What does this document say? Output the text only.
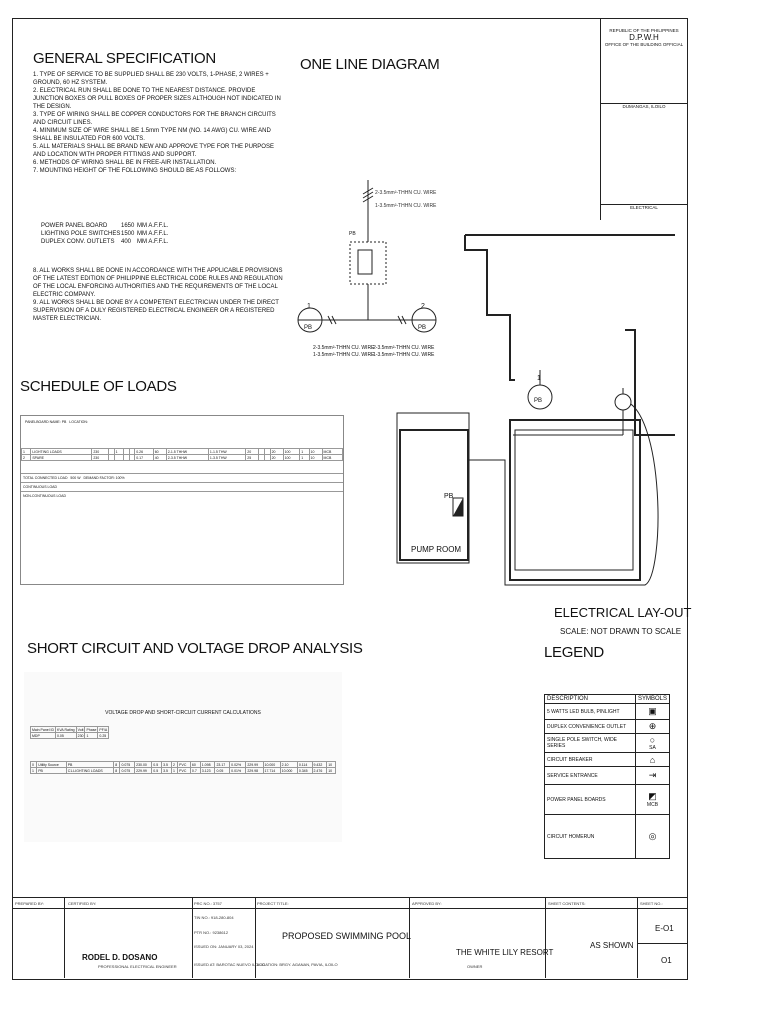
GENERAL SPECIFICATION
1. TYPE OF SERVICE TO BE SUPPLIED SHALL BE 230 VOLTS, 1-PHASE, 2 WIRES + GROUND, 60 HZ SYSTEM.
2. ELECTRICAL RUN SHALL BE DONE TO THE NEAREST DISTANCE. PROVIDE JUNCTION BOXES OR PULL BOXES OF PROPER SIZES ALTHOUGH NOT INDICATED IN THE DESIGN.
3. TYPE OF WIRING SHALL BE COPPER CONDUCTORS FOR THE BRANCH CIRCUITS AND CIRCUIT LINES.
4. MINIMUM SIZE OF WIRE SHALL BE 1.5mm TYPE NM (NO. 14 AWG) CU. WIRE AND SHALL BE INSULATED FOR 600 VOLTS.
5. ALL MATERIALS SHALL BE BRAND NEW AND APPROVE TYPE FOR THE PURPOSE AND LOCATION WITH PROPER FITTINGS AND SUPPORT.
6. METHODS OF WIRING SHALL BE IN FREE-AIR INSTALLATION.
7. MOUNTING HEIGHT OF THE FOLLOWING SHOULD BE AS FOLLOWS:
POWER PANEL BOARD 1650 MM A.F.F.L.
LIGHTING POLE SWITCHES1500 MM A.F.F.L.
DUPLEX CONV. OUTLETS 400 MM A.F.F.L.
8. ALL WORKS SHALL BE DONE IN ACCORDANCE WITH THE APPLICABLE PROVISIONS OF THE LATEST EDITION OF PHILIPPINE ELECTRICAL CODE RULES AND REGULATION OF THE LOCAL ENFORCING AUTHORITIES AND THE REQUIREMENTS OF THE LOCAL ELECTRIC COMPANY.
9. ALL WORKS SHALL BE DONE BY A COMPETENT ELECTRICIAN UNDER THE DIRECT SUPERVISION OF A DULY REGISTERED ELECTRICAL ENGINEER OR A REGISTERED MASTER ELECTRICIAN.
ONE LINE DIAGRAM
2-3.5mm²-THHN CU. WIRE
1-3.5mm²-THHN CU. WIRE
PB
1
PB
2
PB
2-3.5mm²-THHN CU. WIRE
1-3.5mm²-THHN CU. WIRE
2-3.5mm²-THHN CU. WIRE
1-3.5mm²-THHN CU. WIRE
REPUBLIC OF THE PHILIPPINES
D.P.W.H
OFFICE OF THE BUILDING OFFICIAL
DUMANGAS, ILOILO
ELECTRICAL
SCHEDULE OF LOADS
PANELBOARD NAME: PB LOCATION:
1	LIGHTING LOADS	230		1			0.26	60	2-1.5 THHW	1-1.5 THW	20			20	100	1	10	MCB
2	SPARE	230					0.17	40	2-3.5 THHW	1-3.5 THW	25			20	100	1	10	MCB
TOTAL CONNECTED LOAD 500 W DEMAND FACTOR: 100%
CONTINUOUS LOAD
NON-CONTINUOUS LOAD
SHORT CIRCUIT AND VOLTAGE DROP ANALYSIS
VOLTAGE DROP AND SHORT-CIRCUIT CURRENT CALCULATIONS
Main Panel ID	KVA Rating	Volt	Phase	PF/A
MDP	0.05	230	1	0.25
0	Utility Source	PB	8	0.075	230.00	0.5	3.5	2	PVC	60	1.098	23.17	0.02%	229.99	10.000	2.10	0.114	9.432	10
1	PB	C1-LIGHTING LOADS	8	0.075	229.99	0.5	3.5	1	PVC	0.7	3.123	0.05	0.01%	229.98	17.714	10.000	0.345	2.476	10
PB
PUMP ROOM
1
PB
ELECTRICAL LAY-OUT
SCALE: NOT DRAWN TO SCALE
LEGEND
DESCRIPTION	SYMBOLS
5 WATTS LED BULB, PINLIGHT	▣
DUPLEX CONVENIENCE OUTLET	⊕
SINGLE POLE SWITCH, WIDE SERIES	○
SA

CIRCUIT BREAKER	⌂
SERVICE ENTRANCE	⇥
POWER PANEL BOARDS	◩
MCB

CIRCUIT HOMERUN	◎
PREPARED BY:	CERTIFIED BY:	PRC NO.: 3757
TIN NO.: 918-280-804
PTR NO.: 9238612
ISSUED ON: JANUARY 03, 2024
ISSUED AT: BAROTAC NUEVO ILOILO
RODEL D. DOSANO
PROFESSIONAL ELECTRICAL ENGINEER
PROJECT TITLE:
PROPOSED SWIMMING POOL
LOCATION: BRGY. AGANAN, PAVIA, ILOILO
APPROVED BY:
THE WHITE LILY RESORT
OWNER
SHEET CONTENTS:
AS SHOWN
SHEET NO.:
E-O1
O1
